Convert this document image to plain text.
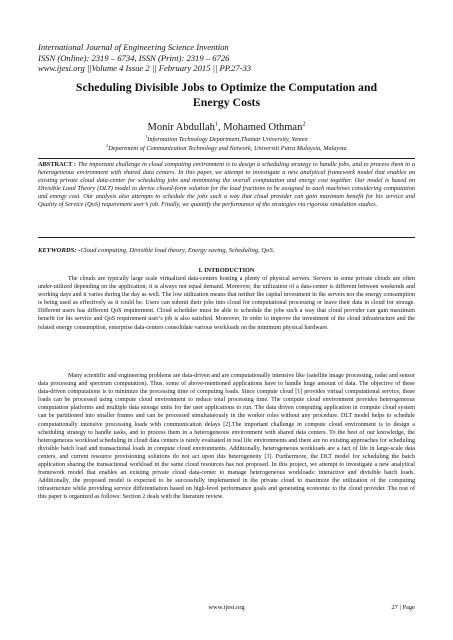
International Journal of Engineering Science Invention
ISSN (Online): 2319 – 6734, ISSN (Print): 2319 – 6726
www.ijesi.org ||Volume 4 Issue 2 || February 2015 || PP.27-33
Scheduling Divisible Jobs to Optimize the Computation and
Energy Costs
Monir Abdullah$^1$, Mohamed Othman$^2$
$^1$Information Technology Department,Thamar University, Yemen
$^2$Department of Communication Technology and Network, Universiti Putra Malaysia, Malaysia
ABSTRACT : The important challenge in cloud computing environment is to design a scheduling strategy to handle jobs, and to process them in a heterogeneous environment with shared data centers. In this paper, we attempt to investigate a new analytical framework model that enables an existing private cloud data-center for scheduling jobs and minimizing the overall computation and energy cost together. Our model is based on Divisible Load Theory (DLT) model to derive closed-form solution for the load fractions to be assigned to each machines considering computation and energy cost. Our analysis also attempts to schedule the jobs such a way that cloud provider can gain maximum benefit for his service and Quality of Service (QoS) requirement user’s job. Finally, we quantify the performance of the strategies via rigorous simulation studies.
KEYWORDS: -Cloud computing, Divisible load theory, Energy saving, Scheduling, QoS.
I. INTRODUCTION

The clouds are typically large scale virtualized data-centers hosting a plenty of physical servers. Servers in some private clouds are often under-utilized depending on the application; it is always not equal demand. Moreover, the utilization of a data-center is different between weekends and working days and it varies during the day as well. The low utilization means that neither the capital investment in the servers nor the energy consumption is being used as effectively as it could be. Users can submit their jobs into cloud for computational processing or leave their data in cloud for storage. Different users has different QoS requirement. Cloud scheduler must be able to schedule the jobs such a way that cloud provider can gain maximum benefit for his service and QoS requirement user’s job is also satisfied. Moreover, In order to improve the investment of the cloud infrastructure and the related energy consumption, enterprise data-centers consolidate various workloads on the minimum physical hardware.

Many scientific and engineering problems are data-driven and are computationally intensive like (satellite image processing, radar and sensor data processing and spectrum computation). Thus, some of above-mentioned applications have to handle huge amount of data. The objective of these data-driven computations is to minimize the processing time of computing loads. Since compute cloud [1] provides virtual computational service, these loads can be processed using compute cloud environment to reduce total processing time. The compute cloud environment provides heterogeneous computation platforms and multiple data storage units for the user applications to run. The data driven computing application in compute cloud system can be partitioned into smaller frames and can be processed simultaneously in the worker roles without any procedure. DLT model helps to schedule computationally intensive processing loads with communication delays [2].The important challenge in compute cloud environment is to design a scheduling strategy to handle tasks, and to process them in a heterogeneous environment with shared data centers. To the best of our knowledge, the heterogeneous workload scheduling in cloud data centers is rarely evaluated in real life environments and there are no existing approaches for scheduling divisible batch load and transactional loads in compute cloud environments. Additionally, heterogeneous workloads are a fact of life in large-scale data centers, and current resource provisioning solutions do not act upon this heterogeneity [3]. Furthermore, the DLT model for scheduling the batch application sharing the transactional workload in the same cloud resources has not proposed. In this project, we attempt to investigate a new analytical framework model that enables an existing private cloud data-center to manage heterogeneous workloads: interactive and divisible batch loads. Additionally, the proposed model is expected to be successfully implemented in the private cloud to maximize the utilization of the computing infrastructure while providing service differentiation based on high-level performance goals and generating economic to the cloud provider. The rest of this paper is organized as follows: Section 2 deals with the literature review.

www.ijesi.org	27 | Page
